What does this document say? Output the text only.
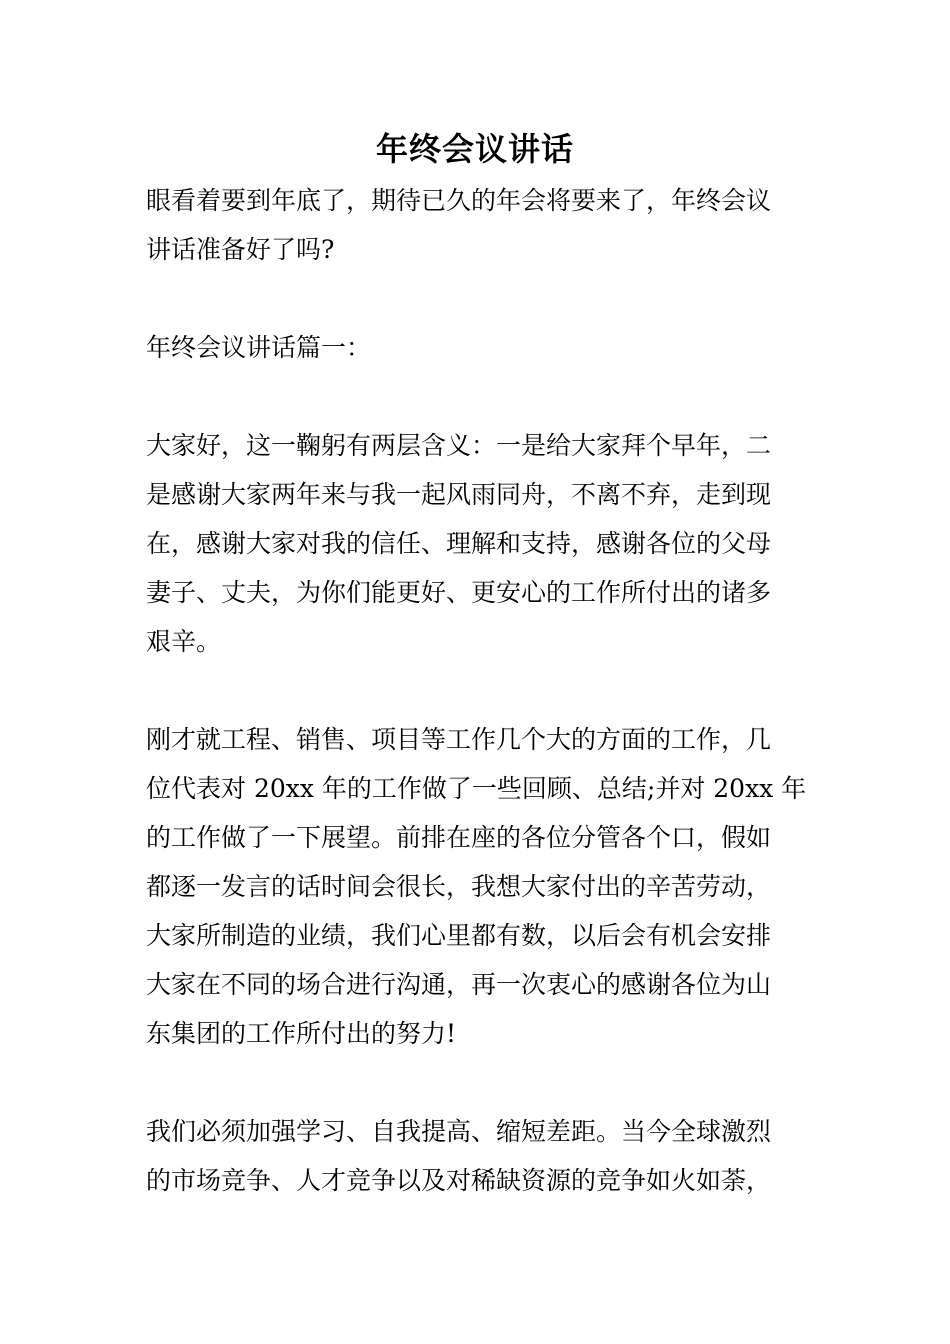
年终会议讲话

眼看着要到年底了，期待已久的年会将要来了，年终会议
讲话准备好了吗?

年终会议讲话篇一：

大家好，这一鞠躬有两层含义：一是给大家拜个早年，二
是感谢大家两年来与我一起风雨同舟，不离不弃，走到现
在，感谢大家对我的信任、理解和支持，感谢各位的父母
妻子、丈夫，为你们能更好、更安心的工作所付出的诸多
艰辛。

刚才就工程、销售、项目等工作几个大的方面的工作，几
位代表对 20xx 年的工作做了一些回顾、总结;并对 20xx 年
的工作做了一下展望。前排在座的各位分管各个口，假如
都逐一发言的话时间会很长，我想大家付出的辛苦劳动，
大家所制造的业绩，我们心里都有数，以后会有机会安排
大家在不同的场合进行沟通，再一次衷心的感谢各位为山
东集团的工作所付出的努力!

我们必须加强学习、自我提高、缩短差距。当今全球激烈
的市场竞争、人才竞争以及对稀缺资源的竞争如火如荼，
